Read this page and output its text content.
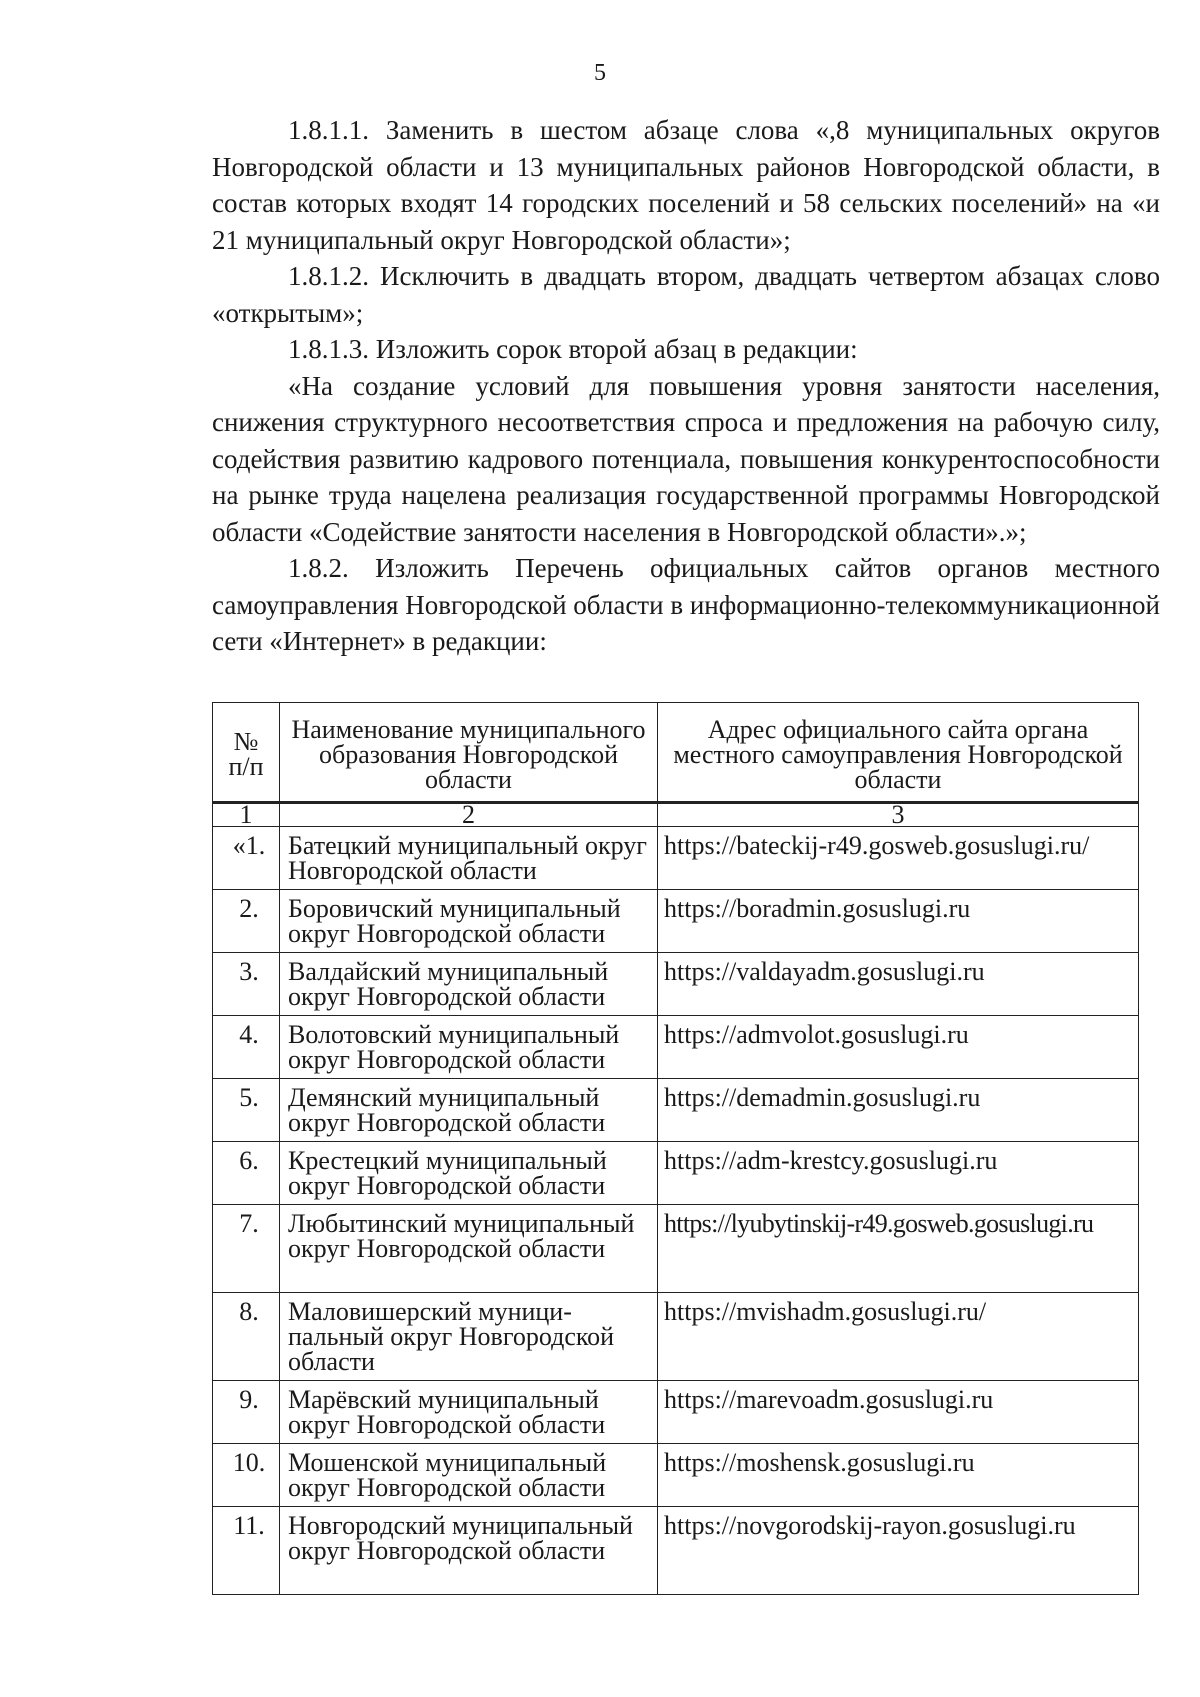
5

1.8.1.1. Заменить в шестом абзаце слова «,8 муниципальных округов Новгородской области и 13 муниципальных районов Новгородской области, в состав которых входят 14 городских поселений и 58 сельских поселений» на «и 21 муниципальный округ Новгородской области»;

1.8.1.2. Исключить в двадцать втором, двадцать четвертом абзацах слово «открытым»;

1.8.1.3. Изложить сорок второй абзац в редакции:

«На создание условий для повышения уровня занятости населения, снижения структурного несоответствия спроса и предложения на рабочую силу, содействия развитию кадрового потенциала, повышения конкурентоспособности на рынке труда нацелена реализация государственной программы Новгородской области «Содействие занятости населения в Новгородской области».»;

1.8.2. Изложить Перечень официальных сайтов органов местного самоуправления Новгородской области в информационно-телекоммуникационной сети «Интернет» в редакции:

№
п/п	Наименование муниципального образования Новгородской области	Адрес официального сайта органа местного самоуправления Новгородской области
1	2	3
«1.	Батецкий муниципальный округ Новгородской области	https://bateckij-r49.gosweb.gosuslugi.ru/
2.	Боровичский муниципальный округ Новгородской области	https://boradmin.gosuslugi.ru
3.	Валдайский муниципальный округ Новгородской области	https://valdayadm.gosuslugi.ru
4.	Волотовский муниципальный округ Новгородской области	https://admvolot.gosuslugi.ru
5.	Демянский муниципальный округ Новгородской области	https://demadmin.gosuslugi.ru
6.	Крестецкий муниципальный округ Новгородской области	https://adm-krestcy.gosuslugi.ru
7.	Любытинский муниципальный округ Новгородской области	https://lyubytinskij-r49.gosweb.gosuslugi.ru
8.	Маловишерский муниципальный округ Новгородской области	https://mvishadm.gosuslugi.ru/
9.	Марёвский муниципальный округ Новгородской области	https://marevoadm.gosuslugi.ru
10.	Мошенской муниципальный округ Новгородской области	https://moshensk.gosuslugi.ru
11.	Новгородский муниципальный округ Новгородской области	https://novgorodskij-rayon.gosuslugi.ru
